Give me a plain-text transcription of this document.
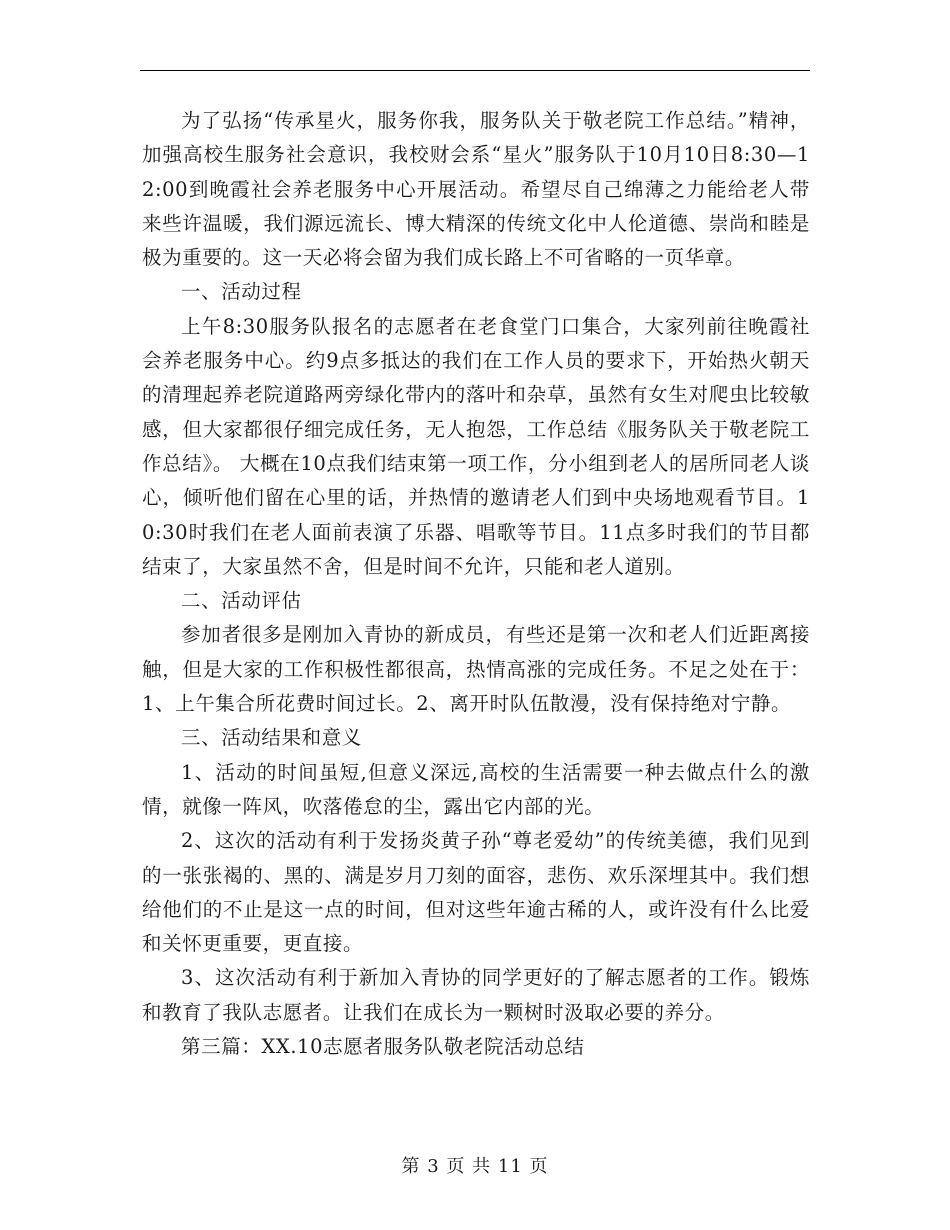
为了弘扬“传承星火，服务你我，服务队关于敬老院工作总结。”精神，加强高校生服务社会意识，我校财会系“星火”服务队于10月10日8:30—12:00到晚霞社会养老服务中心开展活动。希望尽自己绵薄之力能给老人带来些许温暖，我们源远流长、博大精深的传统文化中人伦道德、崇尚和睦是极为重要的。这一天必将会留为我们成长路上不可省略的一页华章。

一、活动过程

上午8:30服务队报名的志愿者在老食堂门口集合，大家列前往晚霞社会养老服务中心。约9点多抵达的我们在工作人员的要求下，开始热火朝天的清理起养老院道路两旁绿化带内的落叶和杂草，虽然有女生对爬虫比较敏感，但大家都很仔细完成任务，无人抱怨，工作总结《服务队关于敬老院工作总结》。 大概在10点我们结束第一项工作，分小组到老人的居所同老人谈心，倾听他们留在心里的话，并热情的邀请老人们到中央场地观看节目。10:30时我们在老人面前表演了乐器、唱歌等节目。11点多时我们的节目都结束了，大家虽然不舍，但是时间不允许，只能和老人道别。

二、活动评估

参加者很多是刚加入青协的新成员，有些还是第一次和老人们近距离接触，但是大家的工作积极性都很高，热情高涨的完成任务。不足之处在于：1、上午集合所花费时间过长。2、离开时队伍散漫，没有保持绝对宁静。

三、活动结果和意义

1、活动的时间虽短,但意义深远,高校的生活需要一种去做点什么的激情，就像一阵风，吹落倦怠的尘，露出它内部的光。

2、这次的活动有利于发扬炎黄子孙“尊老爱幼”的传统美德，我们见到的一张张褐的、黑的、满是岁月刀刻的面容，悲伤、欢乐深埋其中。我们想给他们的不止是这一点的时间，但对这些年逾古稀的人，或许没有什么比爱和关怀更重要，更直接。

3、这次活动有利于新加入青协的同学更好的了解志愿者的工作。锻炼和教育了我队志愿者。让我们在成长为一颗树时汲取必要的养分。

第三篇：XX.10志愿者服务队敬老院活动总结

第 3 页 共 11 页
